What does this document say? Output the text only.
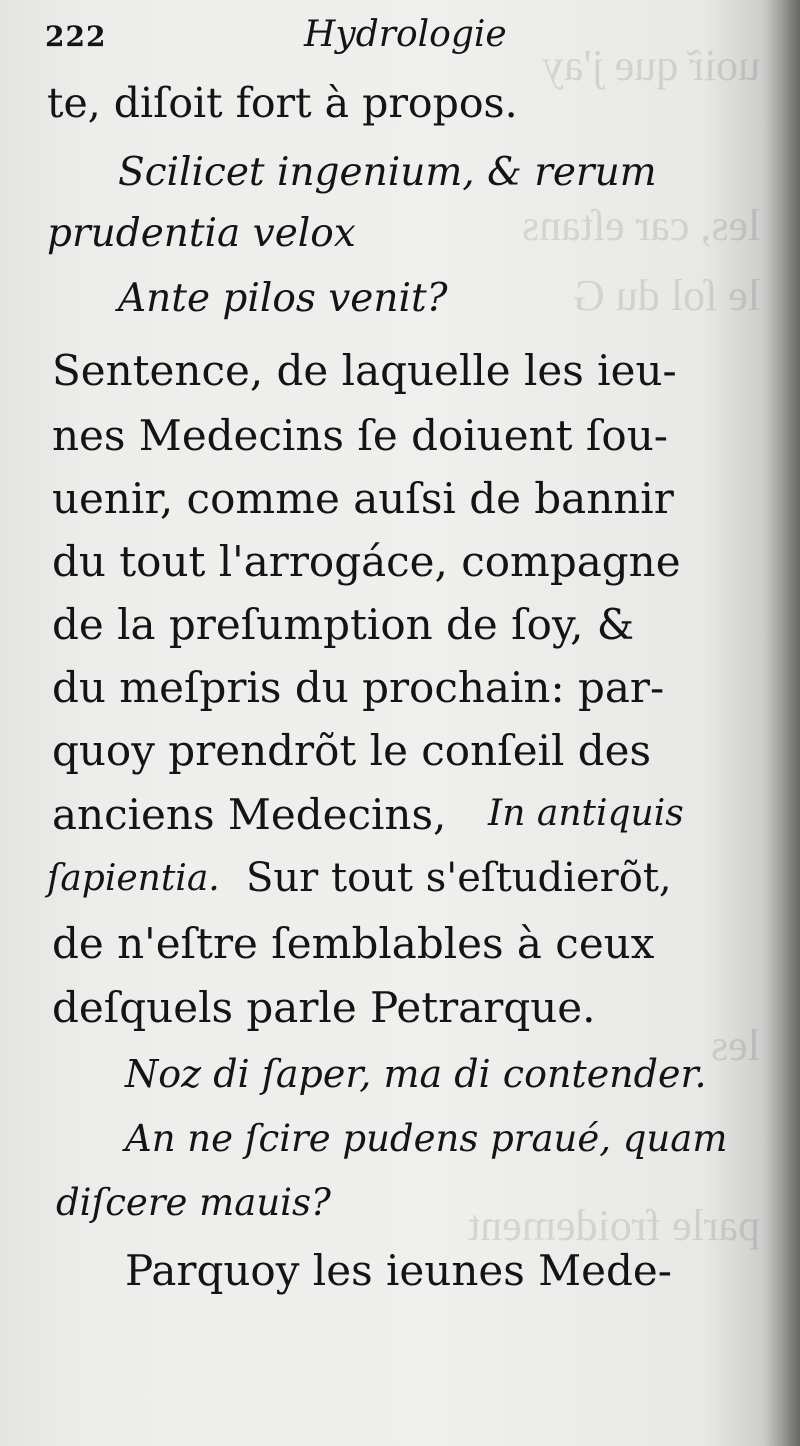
uoir̃ que j'ay
les, car eſtans
le ſol du G
les
parle froidement
222	Hydrologie
te, diſoit fort à propos.
Scilicet ingenium, & rerum
prudentia velox
Ante pilos venit?
Sentence, de laquelle les ieu-
nes Medecins ſe doiuent ſou-
uenir, comme auſsi de bannir
du tout l'arrogáce, compagne
de la preſumption de ſoy, &
du meſpris du prochain: par-
quoy prendrõt le conſeil des
anciens Medecins, In antiquis
ſapientia. Sur tout s'eſtudierõt,
de n'eſtre ſemblables à ceux
deſquels parle Petrarque.
Noz di ſaper, ma di contender.
An ne ſcire pudens praué, quam
diſcere mauis?
Parquoy les ieunes Mede-
